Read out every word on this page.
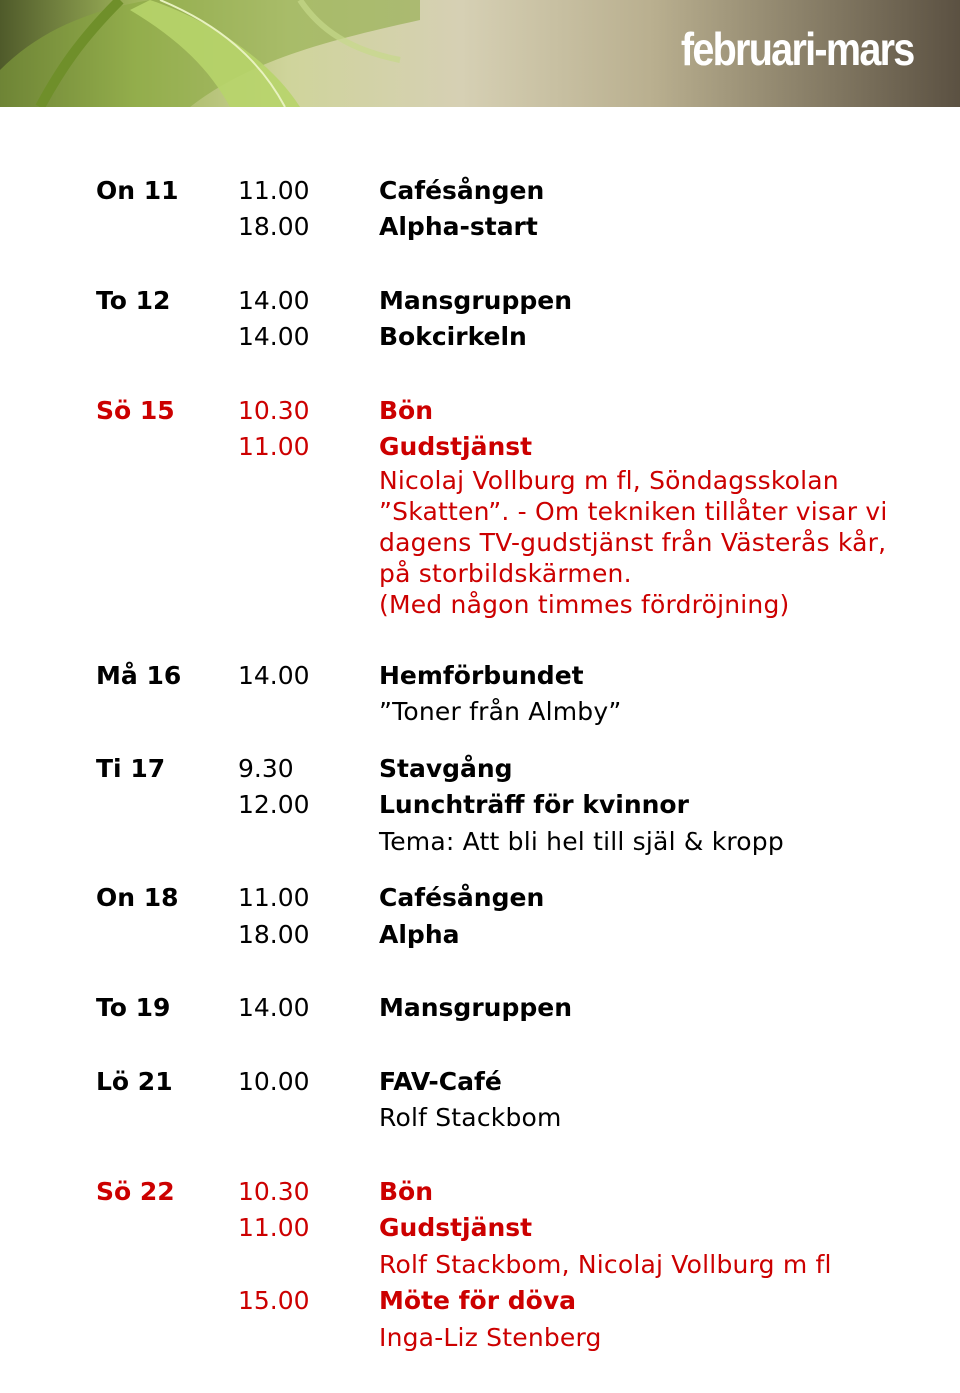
februari-mars
On 11	11.00	Cafésången
18.00	Alpha-start
To 12	14.00	Mansgruppen
14.00	Bokcirkeln
Sö 15	10.30	Bön
11.00	Gudstjänst
Nicolaj Vollburg m fl, Söndagsskolan
”Skatten”. - Om tekniken tillåter visar vi
dagens TV-gudstjänst från Västerås kår,
på storbildskärmen.
(Med någon timmes fördröjning)
Må 16	14.00	Hemförbundet
”Toner från Almby”
Ti 17	9.30	Stavgång
12.00	Lunchträff för kvinnor
Tema: Att bli hel till själ & kropp
On 18	11.00	Cafésången
18.00	Alpha
To 19	14.00	Mansgruppen
Lö 21	10.00	FAV-Café
Rolf Stackbom
Sö 22	10.30	Bön
11.00	Gudstjänst
Rolf Stackbom, Nicolaj Vollburg m fl
15.00	Möte för döva
Inga-Liz Stenberg
